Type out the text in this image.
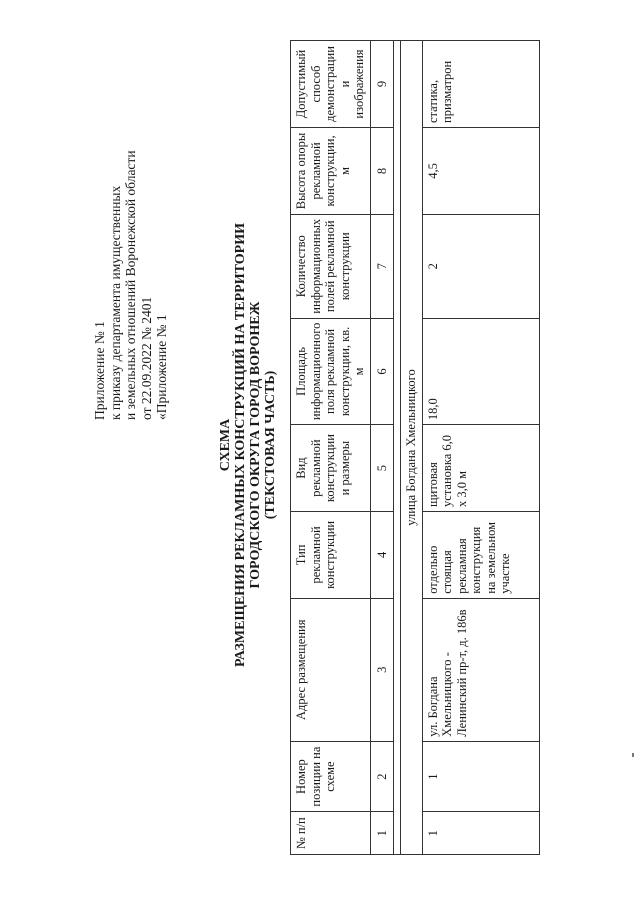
Приложение № 1 к приказу департамента имущественных и земельных отношений Воронежской области от 22.09.2022 № 2401 «Приложение № 1
СХЕМА РАЗМЕЩЕНИЯ РЕКЛАМНЫХ КОНСТРУКЦИЙ НА ТЕРРИТОРИИ ГОРОДСКОГО ОКРУГА ГОРОД ВОРОНЕЖ (ТЕКСТОВАЯ ЧАСТЬ)
№ п/п	Номер позиции на схеме	Адрес размещения	Тип рекламной конструкции	Вид рекламной конструкции и размеры	Площадь информационного поля рекламной конструкции, кв. м	Количество информационных полей рекламной конструкции	Высота опоры рекламной конструкции, м	Допустимый способ демонстрации и изображения
1	2	3	4	5	6	7	8	9

улица Богдана Хмельницкого								
1	1	ул. Богдана Хмельницкого - Ленинский пр-т, д. 186в	отдельно стоящая рекламная конструкция на земельном участке	щитовая установка 6,0 х 3,0 м	18,0	2	4,5	статика, призматрон
